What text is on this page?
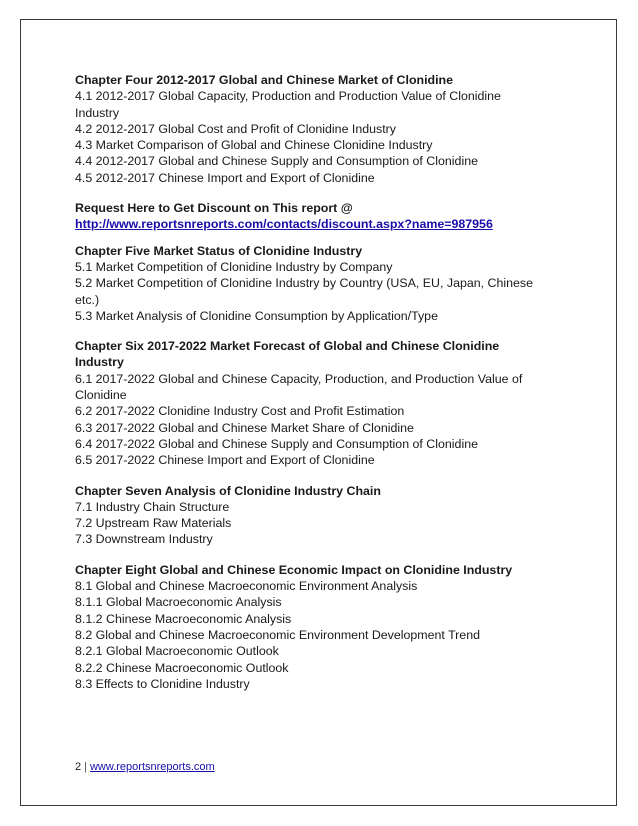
Chapter Four 2012-2017 Global and Chinese Market of Clonidine

4.1 2012-2017 Global Capacity, Production and Production Value of Clonidine

Industry

4.2 2012-2017 Global Cost and Profit of Clonidine Industry

4.3 Market Comparison of Global and Chinese Clonidine Industry

4.4 2012-2017 Global and Chinese Supply and Consumption of Clonidine

4.5 2012-2017 Chinese Import and Export of Clonidine

Request Here to Get Discount on This report @

http://www.reportsnreports.com/contacts/discount.aspx?name=987956

Chapter Five Market Status of Clonidine Industry

5.1 Market Competition of Clonidine Industry by Company

5.2 Market Competition of Clonidine Industry by Country (USA, EU, Japan, Chinese

etc.)

5.3 Market Analysis of Clonidine Consumption by Application/Type

Chapter Six 2017-2022 Market Forecast of Global and Chinese Clonidine

Industry

6.1 2017-2022 Global and Chinese Capacity, Production, and Production Value of

Clonidine

6.2 2017-2022 Clonidine Industry Cost and Profit Estimation

6.3 2017-2022 Global and Chinese Market Share of Clonidine

6.4 2017-2022 Global and Chinese Supply and Consumption of Clonidine

6.5 2017-2022 Chinese Import and Export of Clonidine

Chapter Seven Analysis of Clonidine Industry Chain

7.1 Industry Chain Structure

7.2 Upstream Raw Materials

7.3 Downstream Industry

Chapter Eight Global and Chinese Economic Impact on Clonidine Industry

8.1 Global and Chinese Macroeconomic Environment Analysis

8.1.1 Global Macroeconomic Analysis

8.1.2 Chinese Macroeconomic Analysis

8.2 Global and Chinese Macroeconomic Environment Development Trend

8.2.1 Global Macroeconomic Outlook

8.2.2 Chinese Macroeconomic Outlook

8.3 Effects to Clonidine Industry

2 | www.reportsnreports.com
